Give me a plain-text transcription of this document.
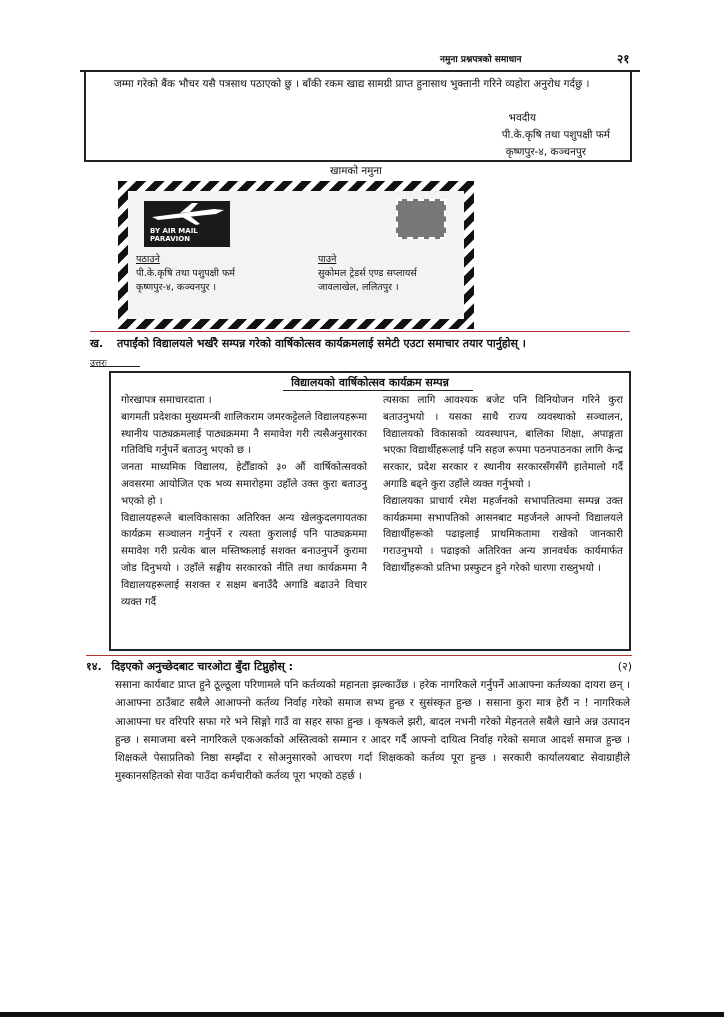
नमुना प्रश्नपत्रको समाधान	२१
जम्मा गरेको बैंक भौचर यसै पत्रसाथ पठाएको छु । बाँकी रकम खाद्य सामग्री प्राप्त हुनासाथ भुक्तानी गरिने व्यहोरा अनुरोध गर्दछु ।
भवदीय
पी.के.कृषि तथा पशुपक्षी फर्म
कृष्णपुर-४, कञ्चनपुर
खामको नमुना
BY AIR MAIL
PARAVION
पठाउने
पी.के.कृषि तथा पशुपक्षी फर्म
कृष्णपुर-४, कञ्चनपुर ।
पाउने
सुकोमल ट्रेडर्स एण्ड सप्लायर्स
जावलाखेल, ललितपुर ।
ख. तपाईंको विद्यालयले भर्खरै सम्पन्न गरेको वार्षिकोत्सव कार्यक्रमलाई समेटी एउटा समाचार तयार पार्नुहोस् ।
उत्तरः
विद्यालयको वार्षिकोत्सव कार्यक्रम सम्पन्न

गोरखापत्र समाचारदाता ।

बागमती प्रदेशका मुख्यमन्त्री शालिकराम जमरकट्टेलले विद्यालयहरूमा स्थानीय पाठ्यक्रमलाई पाठ्यक्रममा नै समावेश गरी त्यसैअनुसारका गतिविधि गर्नुपर्ने बताउनु भएको छ ।

जनता माध्यमिक विद्यालय, हेटौँडाको ३० औं वार्षिकोत्सवको अवसरमा आयोजित एक भव्य समारोहमा उहाँले उक्त कुरा बताउनु भएको हो ।

विद्यालयहरूले बालविकासका अतिरिक्त अन्य खेलकुदलगायतका कार्यक्रम सञ्चालन गर्नुपर्ने र त्यस्ता कुरालाई पनि पाठ्यक्रममा समावेश गरी प्रत्येक बाल मस्तिष्कलाई सशक्त बनाउनुपर्ने कुरामा जोड दिनुभयो । उहाँले सङ्घीय सरकारको नीति तथा कार्यक्रममा नै विद्यालयहरूलाई सशक्त र सक्षम बनाउँदै अगाडि बढाउने विचार व्यक्त गर्दै

त्यसका लागि आवश्यक बजेट पनि विनियोजन गरिने कुरा बताउनुभयो । यसका साथै राज्य व्यवस्थाको सञ्चालन, विद्यालयको विकासको व्यवस्थापन, बालिका शिक्षा, अपाङ्गता भएका विद्यार्थीहरूलाई पनि सहज रूपमा पठनपाठनका लागि केन्द्र सरकार, प्रदेश सरकार र स्थानीय सरकारसँगसँगै हातेमालो गर्दै अगाडि बढ्ने कुरा उहाँले व्यक्त गर्नुभयो ।

विद्यालयका प्राचार्य रमेश महर्जनको सभापतित्वमा सम्पन्न उक्त कार्यक्रममा सभापतिको आसनबाट महर्जनले आफ्नो विद्यालयले विद्यार्थीहरूको पढाइलाई प्राथमिकतामा राखेको जानकारी गराउनुभयो । पढाइको अतिरिक्त अन्य ज्ञानवर्धक कार्यमार्फत विद्यार्थीहरूको प्रतिभा प्रस्फुटन हुने गरेको धारणा राख्नुभयो ।

१४. दिइएको अनुच्छेदबाट चारओटा बुँदा टिप्नुहोस् :	(२)
ससाना कार्यबाट प्राप्त हुने ठूल्ठूला परिणामले पनि कर्तव्यको महानता झल्काउँछ । हरेक नागरिकले गर्नुपर्ने आआफ्ना कर्तव्यका दायरा छन् । आआफ्ना ठाउँबाट सबैले आआफ्नो कर्तव्य निर्वाह गरेको समाज सभ्य हुन्छ र सुसंस्कृत हुन्छ । ससाना कुरा मात्र हेरौं न ! नागरिकले आआफ्ना घर वरिपरि सफा गरे भने सिङ्गो गाउँ वा सहर सफा हुन्छ । कृषकले झरी, बादल नभनी गरेको मेहनतले सबैले खाने अन्न उत्पादन हुन्छ । समाजमा बस्ने नागरिकले एकअर्काको अस्तित्वको सम्मान र आदर गर्दै आफ्नो दायित्व निर्वाह गरेको समाज आदर्श समाज हुन्छ । शिक्षकले पेसाप्रतिको निष्ठा सम्झँदा र सोअनुसारको आचरण गर्दा शिक्षकको कर्तव्य पूरा हुन्छ । सरकारी कार्यालयबाट सेवाग्राहीले मुस्कानसहितको सेवा पाउँदा कर्मचारीको कर्तव्य पूरा भएको ठहर्छ ।
